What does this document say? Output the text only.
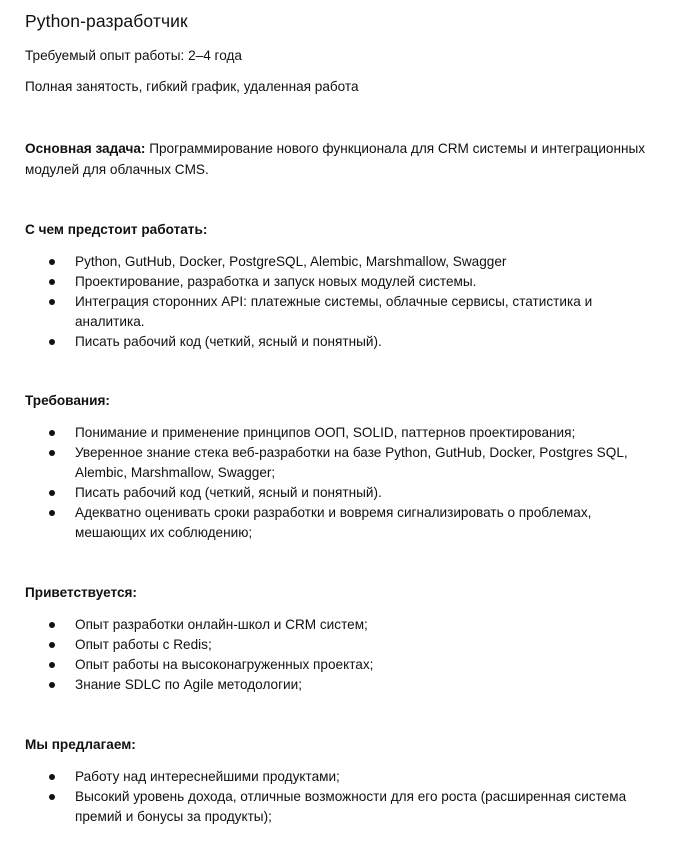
Python-разработчик

Требуемый опыт работы: 2–4 года

Полная занятость, гибкий график, удаленная работа

Основная задача: Программирование нового функционала для CRM системы и интеграционных модулей для облачных CMS.

С чем предстоит работать:

Python, GutHub, Docker, PostgreSQL, Alembic, Marshmallow, Swagger
Проектирование, разработка и запуск новых модулей системы.
Интеграция сторонних API: платежные системы, облачные сервисы, статистика и аналитика.
Писать рабочий код (четкий, ясный и понятный).

Требования:

Понимание и применение принципов ООП, SOLID, паттернов проектирования;
Уверенное знание стека веб-разработки на базе Python, GutHub, Docker, Postgres SQL, Alembic, Marshmallow, Swagger;
Писать рабочий код (четкий, ясный и понятный).
Адекватно оценивать сроки разработки и вовремя сигнализировать о проблемах, мешающих их соблюдению;

Приветствуется:

Опыт разработки онлайн-школ и CRM систем;
Опыт работы с Redis;
Опыт работы на высоконагруженных проектах;
Знание SDLC по Agile методологии;

Мы предлагаем:

Работу над интереснейшими продуктами;
Высокий уровень дохода, отличные возможности для его роста (расширенная система премий и бонусы за продукты);
